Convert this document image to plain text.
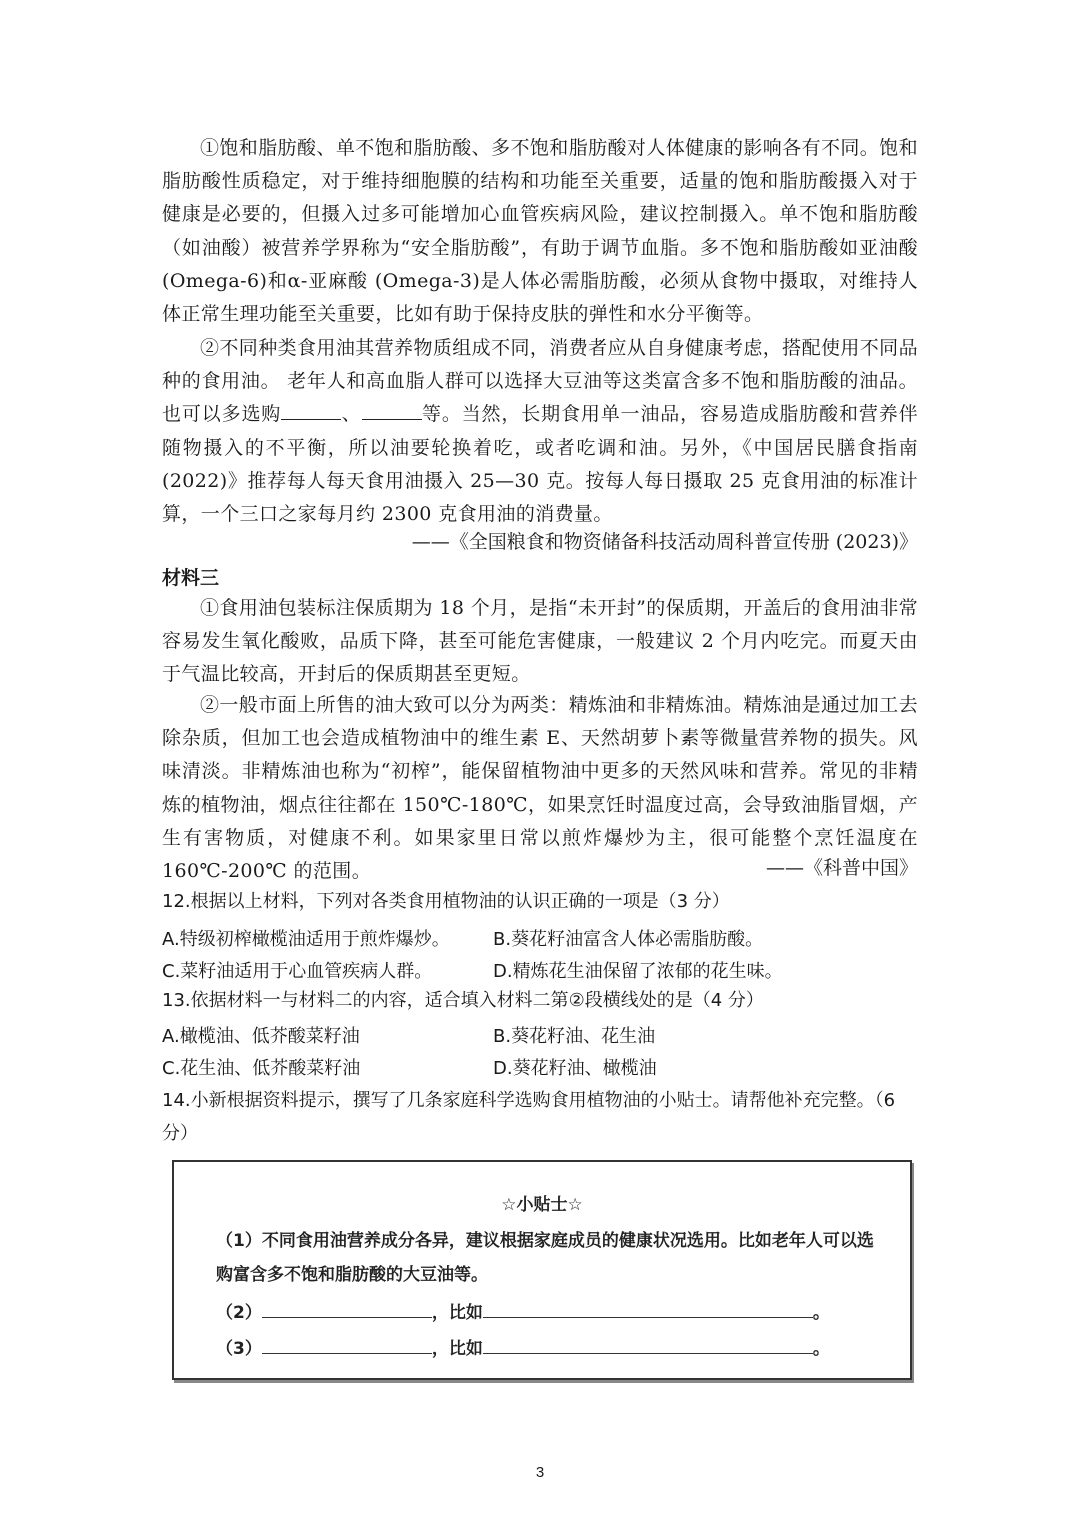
①饱和脂肪酸、单不饱和脂肪酸、多不饱和脂肪酸对人体健康的影响各有不同。饱和脂肪酸性质稳定，对于维持细胞膜的结构和功能至关重要，适量的饱和脂肪酸摄入对于健康是必要的，但摄入过多可能增加心血管疾病风险，建议控制摄入。单不饱和脂肪酸（如油酸）被营养学界称为“安全脂肪酸”，有助于调节血脂。多不饱和脂肪酸如亚油酸(Omega-6)和α-亚麻酸 (Omega-3)是人体必需脂肪酸，必须从食物中摄取，对维持人体正常生理功能至关重要，比如有助于保持皮肤的弹性和水分平衡等。

②不同种类食用油其营养物质组成不同，消费者应从自身健康考虑，搭配使用不同品种的食用油。 老年人和高血脂人群可以选择大豆油等这类富含多不饱和脂肪酸的油品。也可以多选购	、	等。当然，长期食用单一油品，容易造成脂肪酸和营养伴随物摄入的不平衡，所以油要轮换着吃，或者吃调和油。另外，《中国居民膳食指南(2022)》推荐每人每天食用油摄入 25—30 克。按每人每日摄取 25 克食用油的标准计算，一个三口之家每月约 2300 克食用油的消费量。

——《全国粮食和物资储备科技活动周科普宣传册 (2023)》

材料三

①食用油包装标注保质期为 18 个月，是指“未开封”的保质期，开盖后的食用油非常容易发生氧化酸败，品质下降，甚至可能危害健康，一般建议 2 个月内吃完。而夏天由于气温比较高，开封后的保质期甚至更短。

②一般市面上所售的油大致可以分为两类：精炼油和非精炼油。精炼油是通过加工去除杂质，但加工也会造成植物油中的维生素 E、天然胡萝卜素等微量营养物的损失。风味清淡。非精炼油也称为“初榨”，能保留植物油中更多的天然风味和营养。常见的非精炼的植物油，烟点往往都在 150℃-180℃，如果烹饪时温度过高，会导致油脂冒烟，产生有害物质，对健康不利。如果家里日常以煎炸爆炒为主，很可能整个烹饪温度在 160℃-200℃ 的范围。	——《科普中国》

12.根据以上材料，下列对各类食用植物油的认识正确的一项是（3 分）

A.特级初榨橄榄油适用于煎炸爆炒。 B.葵花籽油富含人体必需脂肪酸。

C.菜籽油适用于心血管疾病人群。	D.精炼花生油保留了浓郁的花生味。

13.依据材料一与材料二的内容，适合填入材料二第②段横线处的是（4 分）

A.橄榄油、低芥酸菜籽油	B.葵花籽油、花生油

C.花生油、低芥酸菜籽油	D.葵花籽油、橄榄油

14.小新根据资料提示，撰写了几条家庭科学选购食用植物油的小贴士。请帮他补充完整。（6 分）

☆小贴士☆

（1）不同食用油营养成分各异，建议根据家庭成员的健康状况选用。比如老年人可以选购富含多不饱和脂肪酸的大豆油等。

（2）	，比如	。

（3）	，比如	。

3
